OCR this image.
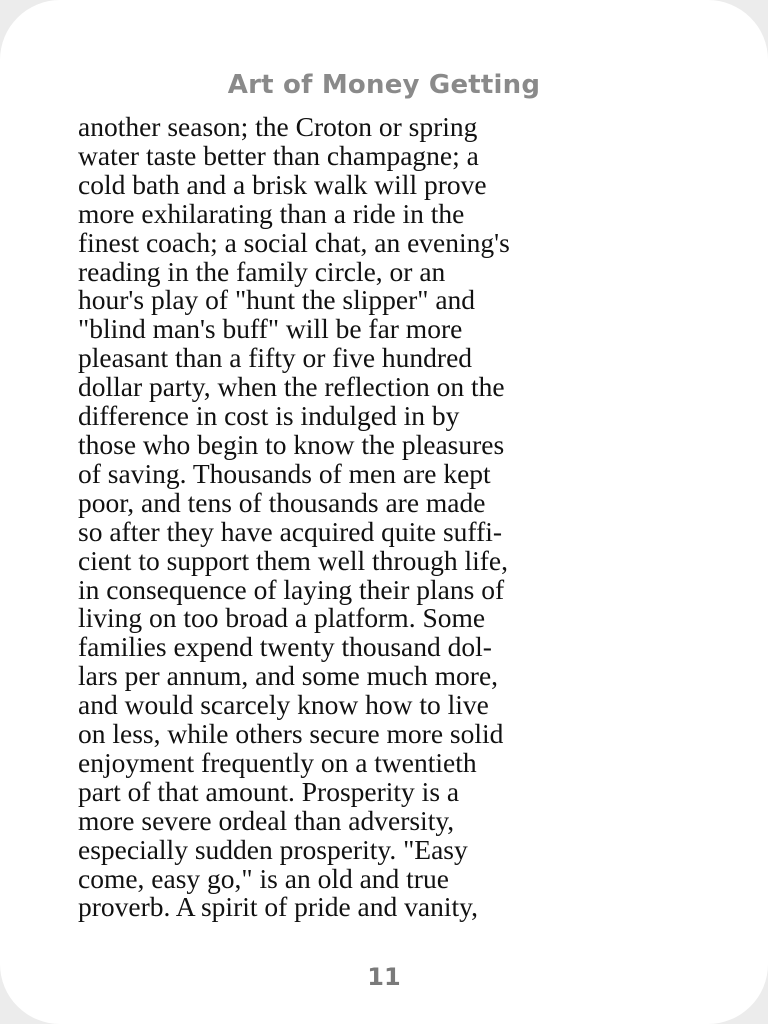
Art of Money Getting
another season; the Croton or spring
water taste better than champagne; a
cold bath and a brisk walk will prove
more exhilarating than a ride in the
finest coach; a social chat, an evening's
reading in the family circle, or an
hour's play of "hunt the slipper" and
"blind man's buff" will be far more
pleasant than a fifty or five hundred
dollar party, when the reflection on the
difference in cost is indulged in by
those who begin to know the pleasures
of saving. Thousands of men are kept
poor, and tens of thousands are made
so after they have acquired quite suffi-
cient to support them well through life,
in consequence of laying their plans of
living on too broad a platform. Some
families expend twenty thousand dol-
lars per annum, and some much more,
and would scarcely know how to live
on less, while others secure more solid
enjoyment frequently on a twentieth
part of that amount. Prosperity is a
more severe ordeal than adversity,
especially sudden prosperity. "Easy
come, easy go," is an old and true
proverb. A spirit of pride and vanity,
11
